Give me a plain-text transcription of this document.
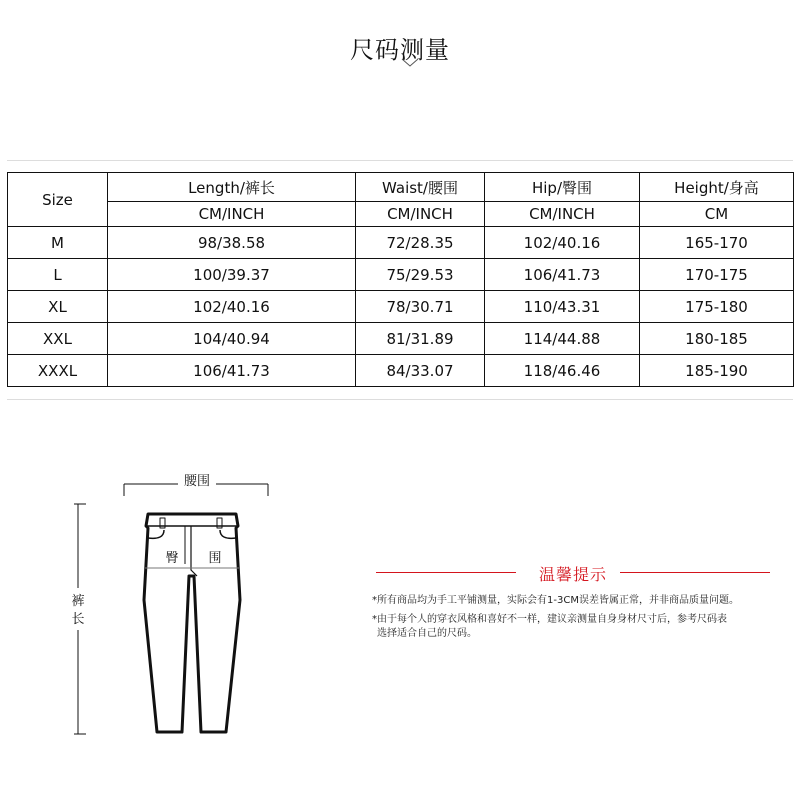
尺码测量
Size	Length/裤长	Waist/腰围	Hip/臀围	Height/身高
	CM/INCH	CM/INCH	CM/INCH	CM
M	98/38.58	72/28.35	102/40.16	165-170
L	100/39.37	75/29.53	106/41.73	170-175
XL	102/40.16	78/30.71	110/43.31	175-180
XXL	104/40.94	81/31.89	114/44.88	180-185
XXXL	106/41.73	84/33.07	118/46.46	185-190
腰围
裤
长
臀 围
温馨提示
*所有商品均为手工平铺测量，实际会有1-3CM误差皆属正常，并非商品质量问题。
*由于每个人的穿衣风格和喜好不一样，建议亲测量自身身材尺寸后，参考尺码表
选择适合自己的尺码。
